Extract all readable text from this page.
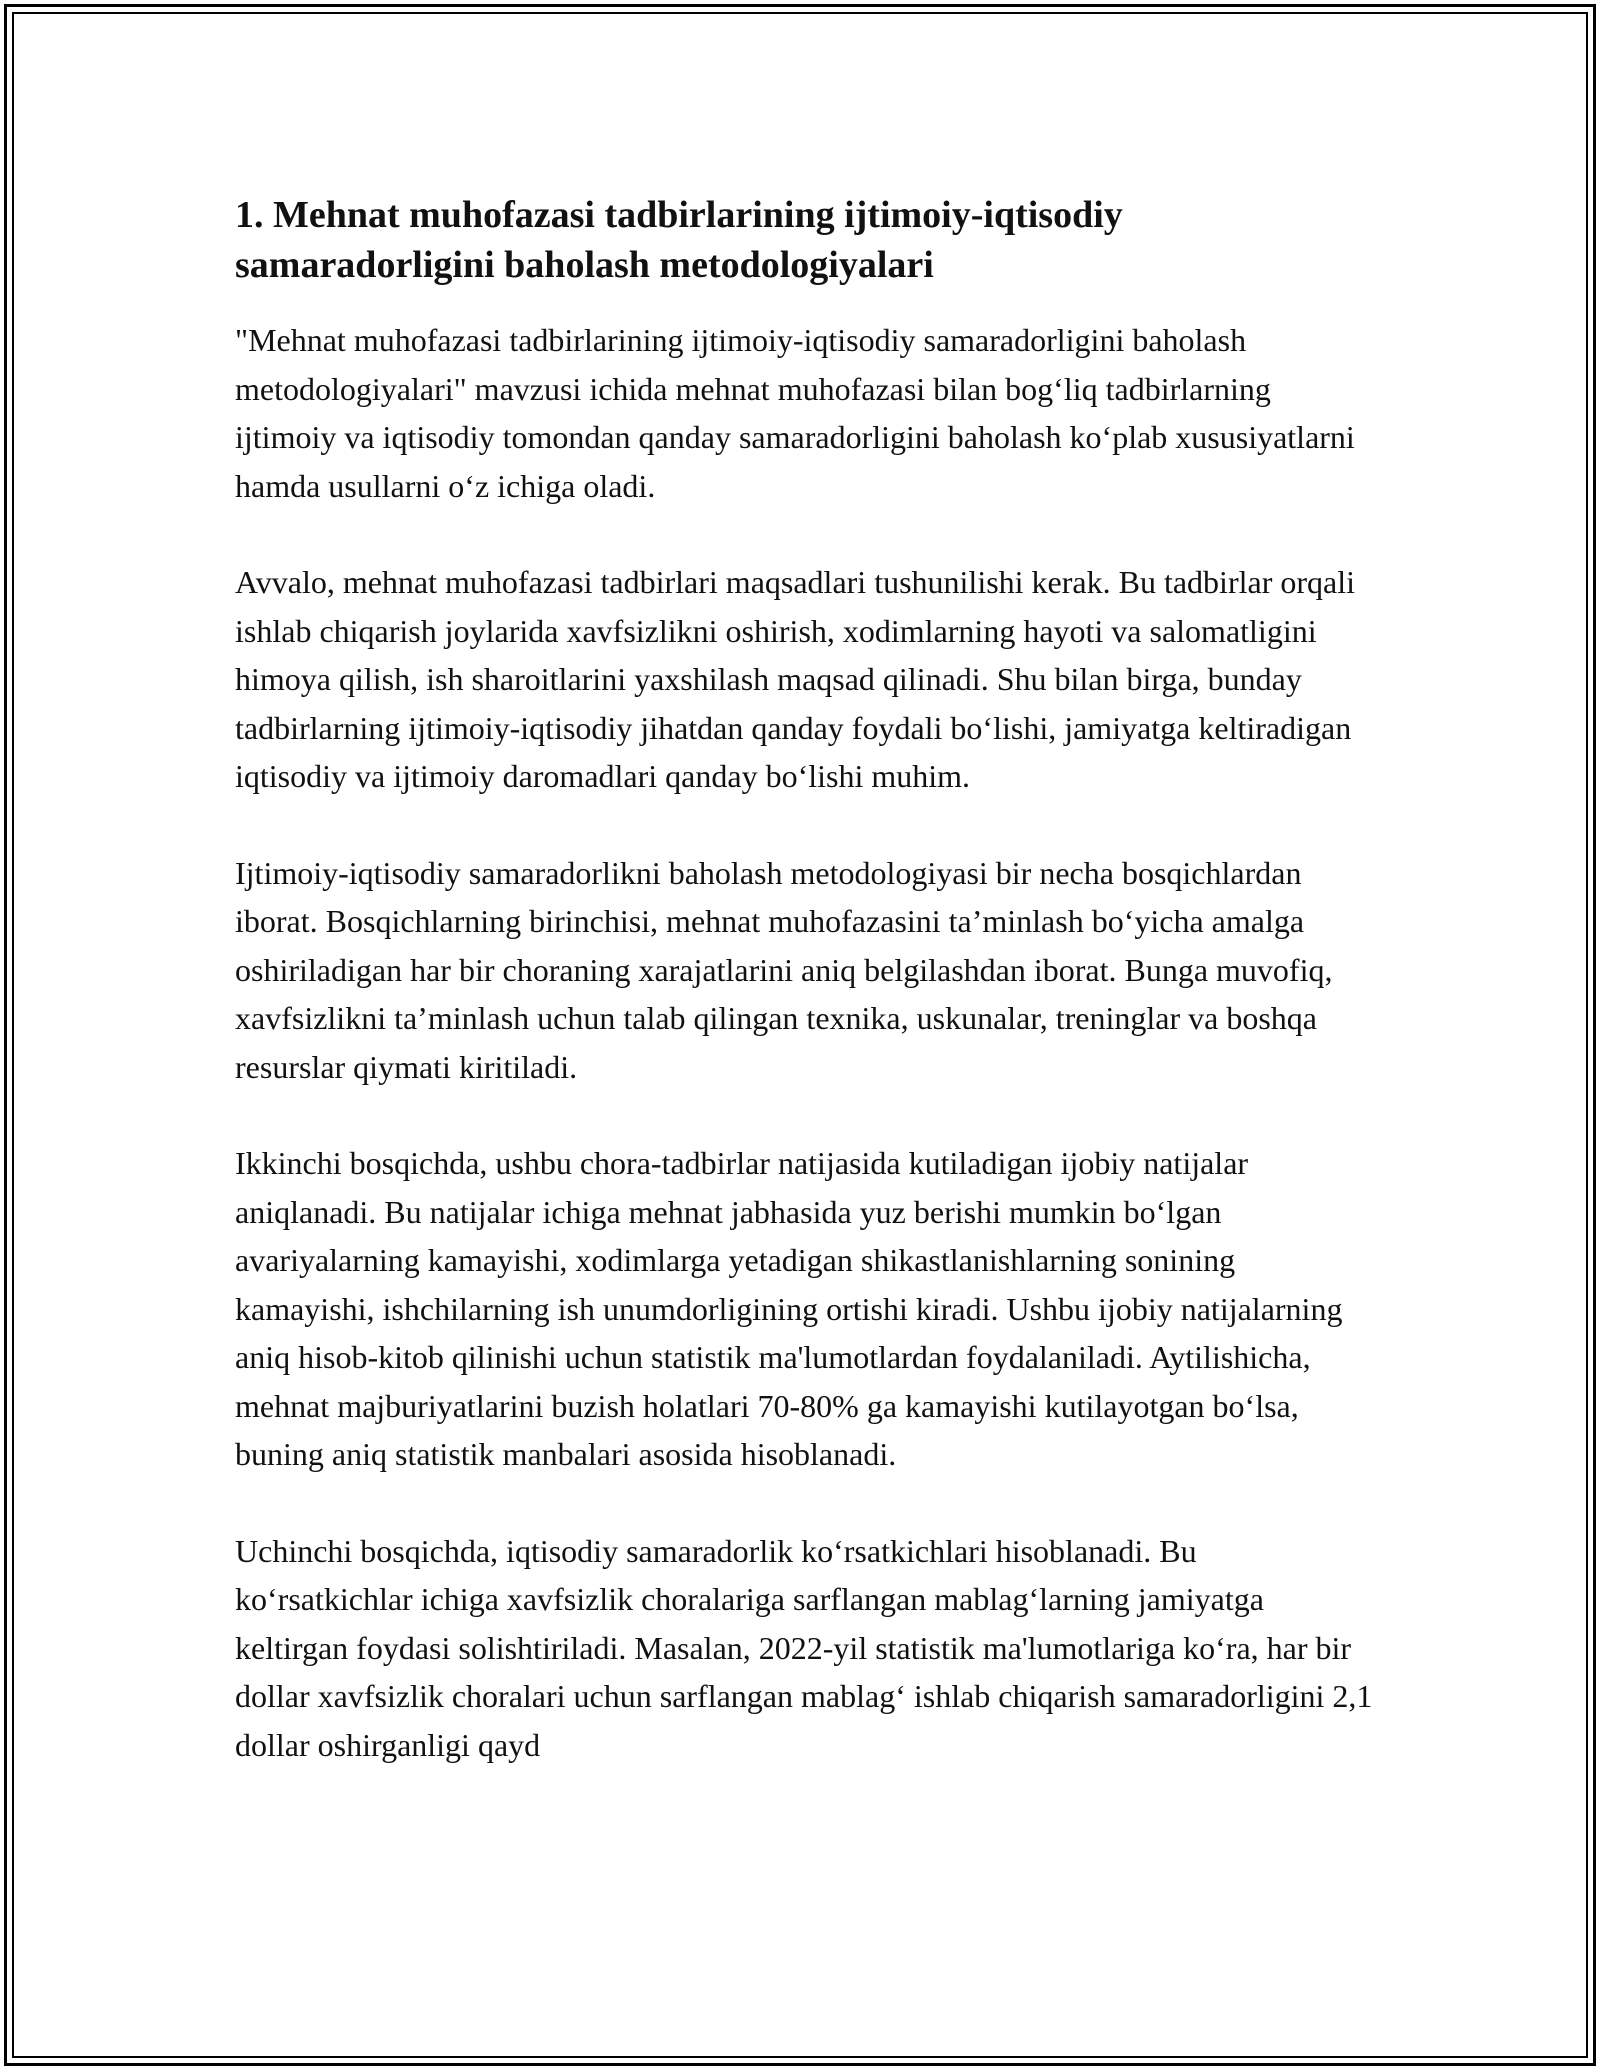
1. Mehnat muhofazasi tadbirlarining ijtimoiy-iqtisodiy samaradorligini baholash metodologiyalari

"Mehnat muhofazasi tadbirlarining ijtimoiy-iqtisodiy samaradorligini baholash metodologiyalari" mavzusi ichida mehnat muhofazasi bilan bog‘liq tadbirlarning ijtimoiy va iqtisodiy tomondan qanday samaradorligini baholash ko‘plab xususiyatlarni hamda usullarni o‘z ichiga oladi.

Avvalo, mehnat muhofazasi tadbirlari maqsadlari tushunilishi kerak. Bu tadbirlar orqali ishlab chiqarish joylarida xavfsizlikni oshirish, xodimlarning hayoti va salomatligini himoya qilish, ish sharoitlarini yaxshilash maqsad qilinadi. Shu bilan birga, bunday tadbirlarning ijtimoiy-iqtisodiy jihatdan qanday foydali bo‘lishi, jamiyatga keltiradigan iqtisodiy va ijtimoiy daromadlari qanday bo‘lishi muhim.

Ijtimoiy-iqtisodiy samaradorlikni baholash metodologiyasi bir necha bosqichlardan iborat. Bosqichlarning birinchisi, mehnat muhofazasini ta’minlash bo‘yicha amalga oshiriladigan har bir choraning xarajatlarini aniq belgilashdan iborat. Bunga muvofiq, xavfsizlikni ta’minlash uchun talab qilingan texnika, uskunalar, treninglar va boshqa resurslar qiymati kiritiladi.

Ikkinchi bosqichda, ushbu chora-tadbirlar natijasida kutiladigan ijobiy natijalar aniqlanadi. Bu natijalar ichiga mehnat jabhasida yuz berishi mumkin bo‘lgan avariyalarning kamayishi, xodimlarga yetadigan shikastlanishlarning sonining kamayishi, ishchilarning ish unumdorligining ortishi kiradi. Ushbu ijobiy natijalarning aniq hisob-kitob qilinishi uchun statistik ma'lumotlardan foydalaniladi. Aytilishicha, mehnat majburiyatlarini buzish holatlari 70-80% ga kamayishi kutilayotgan bo‘lsa, buning aniq statistik manbalari asosida hisoblanadi.

Uchinchi bosqichda, iqtisodiy samaradorlik ko‘rsatkichlari hisoblanadi. Bu ko‘rsatkichlar ichiga xavfsizlik choralariga sarflangan mablag‘larning jamiyatga keltirgan foydasi solishtiriladi. Masalan, 2022-yil statistik ma'lumotlariga ko‘ra, har bir dollar xavfsizlik choralari uchun sarflangan mablag‘ ishlab chiqarish samaradorligini 2,1 dollar oshirganligi qayd
